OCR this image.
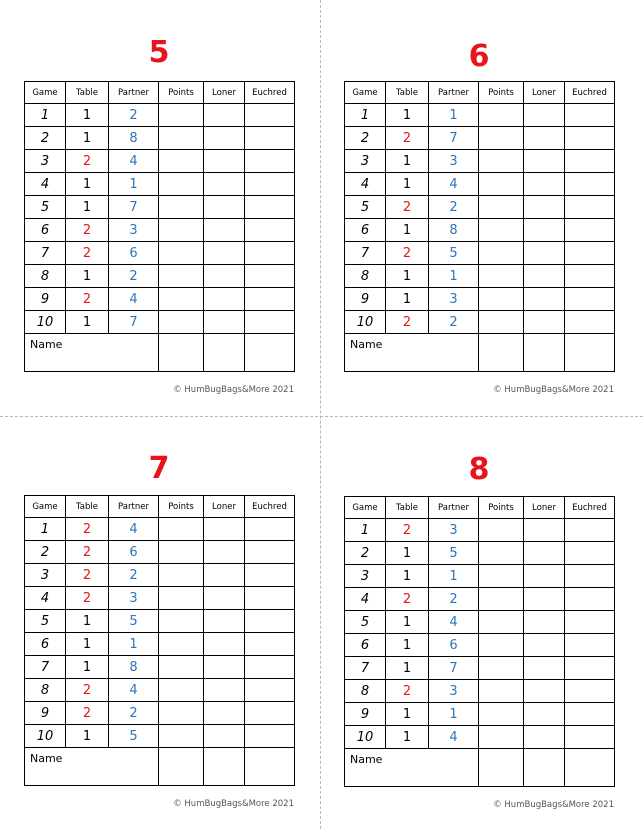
5
Game	Table	Partner	Points	Loner	Euchred
1	1	2			
2	1	8			
3	2	4			
4	1	1			
5	1	7			
6	2	3			
7	2	6			
8	1	2			
9	2	4			
10	1	7			
Name					
© HumBugBags&More 2021
6
Game	Table	Partner	Points	Loner	Euchred
1	1	1			
2	2	7			
3	1	3			
4	1	4			
5	2	2			
6	1	8			
7	2	5			
8	1	1			
9	1	3			
10	2	2			
Name					
© HumBugBags&More 2021
7
Game	Table	Partner	Points	Loner	Euchred
1	2	4			
2	2	6			
3	2	2			
4	2	3			
5	1	5			
6	1	1			
7	1	8			
8	2	4			
9	2	2			
10	1	5			
Name					
© HumBugBags&More 2021
8
Game	Table	Partner	Points	Loner	Euchred
1	2	3			
2	1	5			
3	1	1			
4	2	2			
5	1	4			
6	1	6			
7	1	7			
8	2	3			
9	1	1			
10	1	4			
Name					
© HumBugBags&More 2021
